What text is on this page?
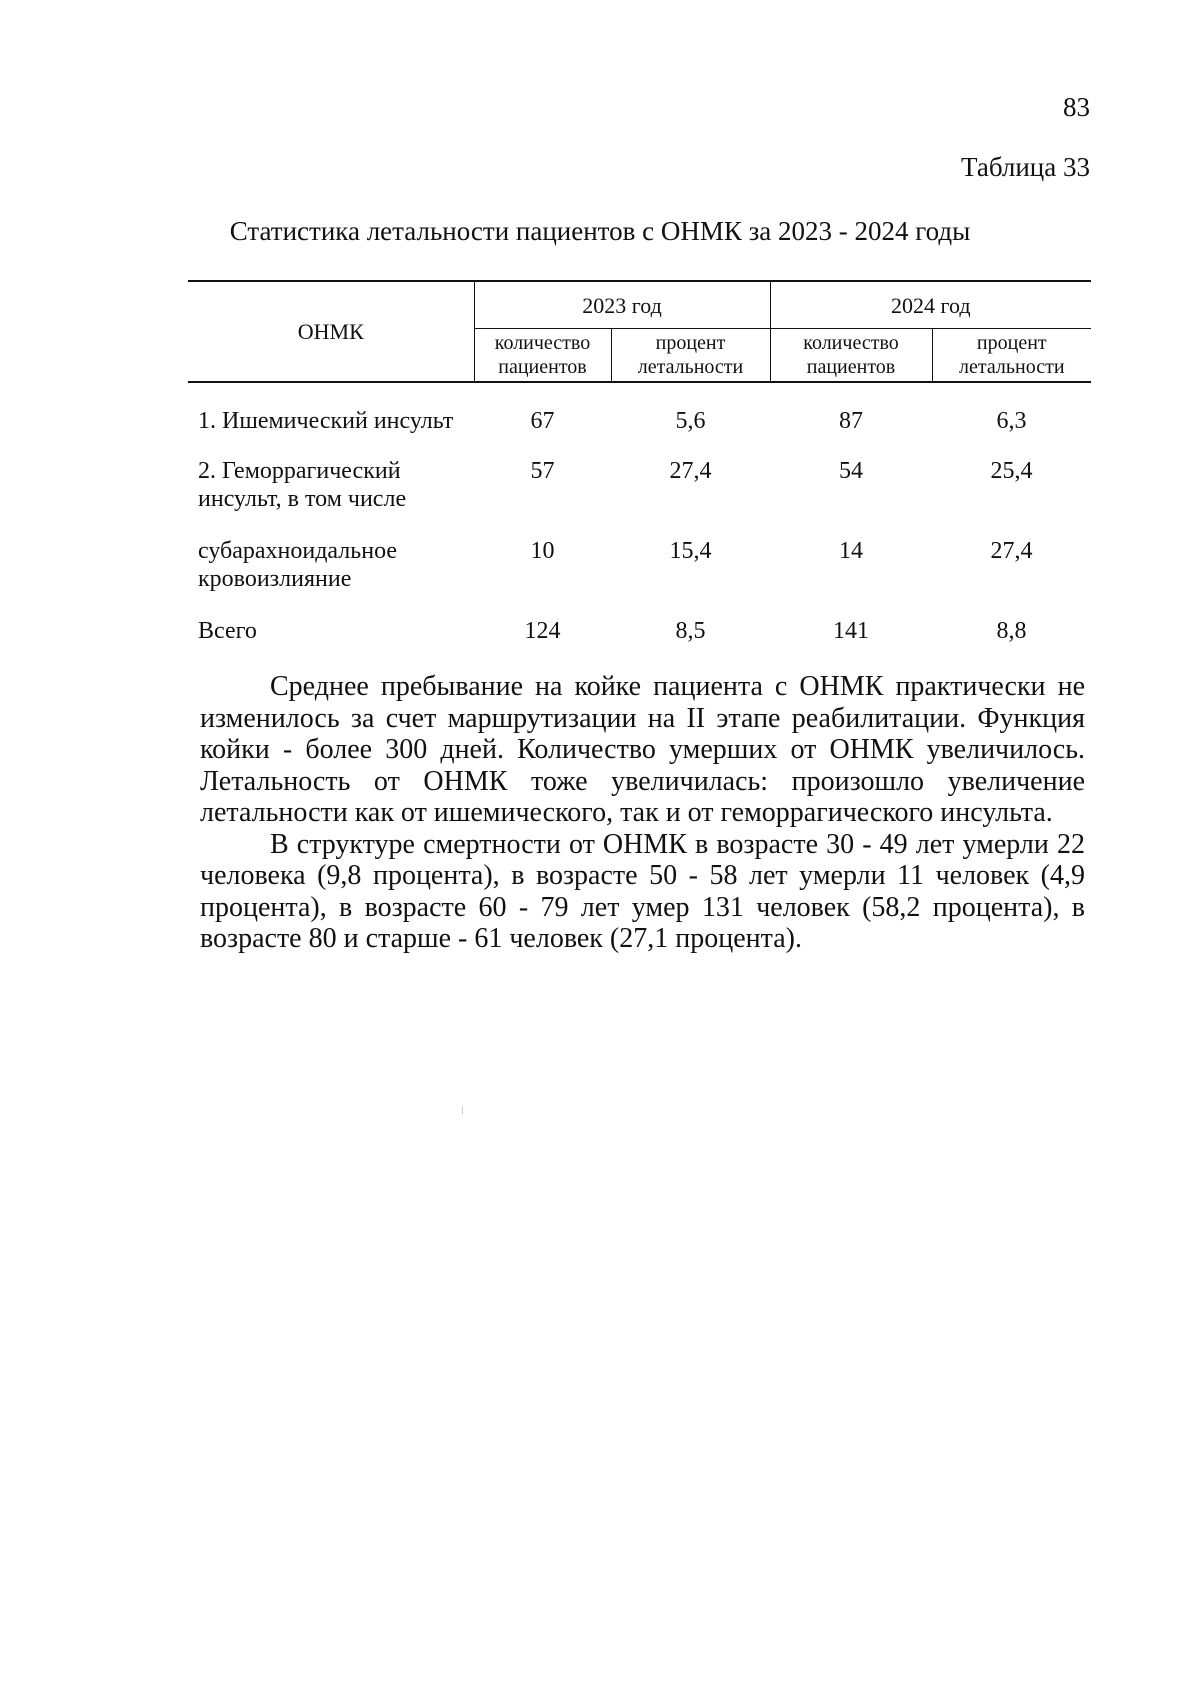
83
Таблица 33
Статистика летальности пациентов с ОНМК за 2023 - 2024 годы
ОНМК	2023 год		2024 год	
	количество пациентов	процент летальности	количество пациентов	процент летальности
1. Ишемический инсульт	67	5,6	87	6,3
2. Геморрагический инсульт, в том числе	57	27,4	54	25,4
субарахноидальное кровоизлияние	10	15,4	14	27,4
Всего	124	8,5	141	8,8

Среднее пребывание на койке пациента с ОНМК практически не изменилось за счет маршрутизации на II этапе реабилитации. Функция койки - более 300 дней. Количество умерших от ОНМК увеличилось. Летальность от ОНМК тоже увеличилась: произошло увеличение летальности как от ишемического, так и от геморрагического инсульта.

В структуре смертности от ОНМК в возрасте 30 - 49 лет умерли 22 человека (9,8 процента), в возрасте 50 - 58 лет умерли 11 человек (4,9 процента), в возрасте 60 - 79 лет умер 131 человек (58,2 процента), в возрасте 80 и старше - 61 человек (27,1 процента).
